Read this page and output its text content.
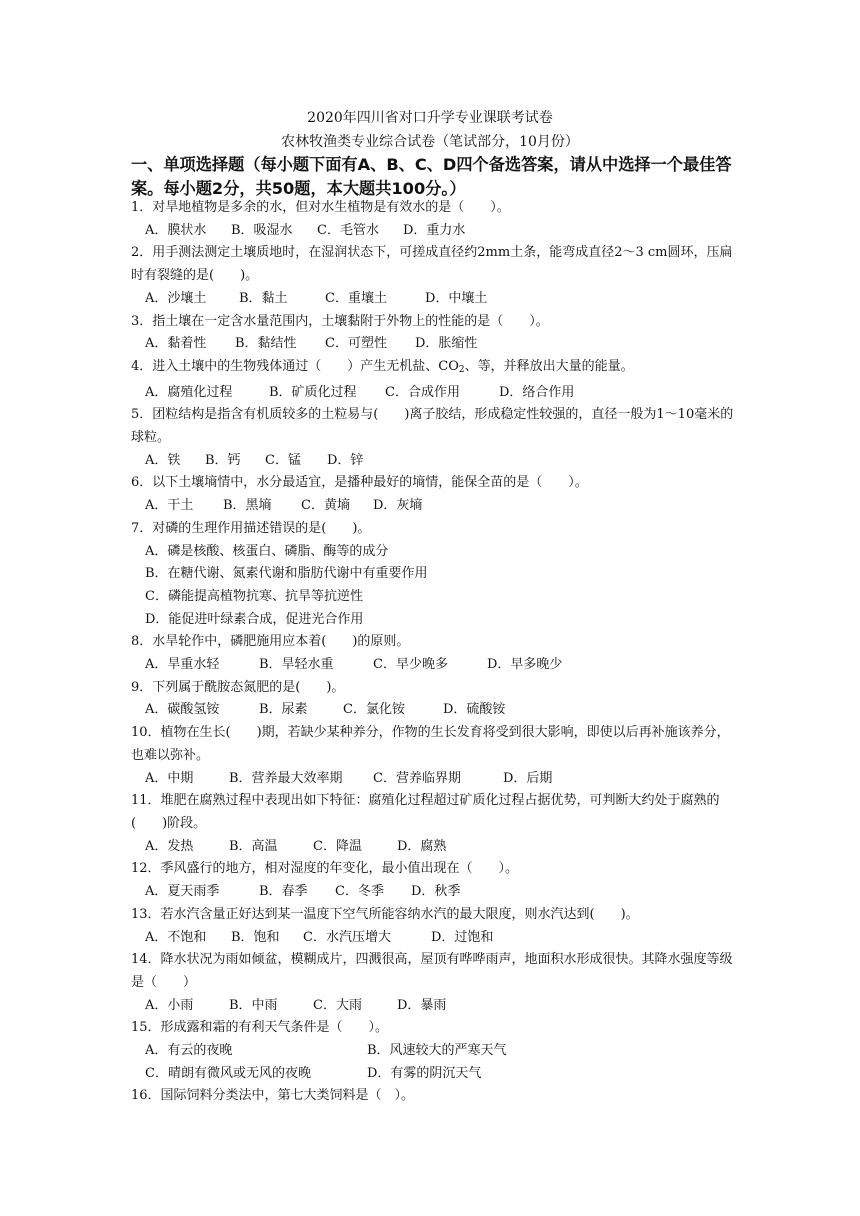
2020年四川省对口升学专业课联考试卷
农林牧渔类专业综合试卷（笔试部分，10月份）
一、单项选择题（每小题下面有A、B、C、D四个备选答案，请从中选择一个最佳答案。每小题2分，共50题，本大题共100分。）
1．对旱地植物是多余的水，但对水生植物是有效水的是（　　）。
A．膜状水 B．吸湿水 C．毛管水 D．重力水
2．用手测法测定土壤质地时，在湿润状态下，可搓成直径约2mm土条，能弯成直径2～3 cm圆环，压扁时有裂缝的是(　　)。
A．沙壤土	B．黏土	C．重壤土	D．中壤土
3．指土壤在一定含水量范围内，土壤黏附于外物上的性能的是（　　）。
A．黏着性 B．黏结性 C．可塑性 D．胀缩性
4．进入土壤中的生物残体通过（　　）产生无机盐、$CO_2$、等，并释放出大量的能量。
A．腐殖化过程	B．矿质化过程 C．合成作用	D．络合作用
5．团粒结构是指含有机质较多的土粒易与(　　)离子胶结，形成稳定性较强的，直径一般为1～10毫米的球粒。
A．铁 B．钙 C．锰 D．锌
6．以下土壤墒情中，水分最适宜，是播种最好的墒情，能保全苗的是（　　）。
A．干土 B．黑墒 C．黄墒 D．灰墒
7．对磷的生理作用描述错误的是(　　)。
A．磷是核酸、核蛋白、磷脂、酶等的成分
B．在糖代谢、氮素代谢和脂肪代谢中有重要作用
C．磷能提高植物抗寒、抗旱等抗逆性
D．能促进叶绿素合成，促进光合作用
8．水旱轮作中，磷肥施用应本着(　　)的原则。
A．旱重水轻	B．旱轻水重	C．早少晚多	D．早多晚少
9．下列属于酰胺态氮肥的是(　　)。
A．碳酸氢铵	B．尿素	C．氯化铵	D．硫酸铵
10．植物在生长(　　)期，若缺少某种养分，作物的生长发育将受到很大影响，即使以后再补施该养分，也难以弥补。
A．中期	B．营养最大效率期 C．营养临界期	D．后期
11．堆肥在腐熟过程中表现出如下特征：腐殖化过程超过矿质化过程占据优势，可判断大约处于腐熟的(　　)阶段。
A．发热	B．高温	C．降温	D．腐熟
12．季风盛行的地方，相对湿度的年变化，最小值出现在（　　）。
A．夏天雨季	B．春季 C．冬季 D．秋季
13．若水汽含量正好达到某一温度下空气所能容纳水汽的最大限度，则水汽达到(　　)。
A．不饱和 B．饱和 C．水汽压增大	D．过饱和
14．降水状况为雨如倾盆，模糊成片，四溅很高，屋顶有哗哗雨声，地面积水形成很快。其降水强度等级是（　　）
A．小雨	B．中雨	C．大雨	D．暴雨
15．形成露和霜的有利天气条件是（　　）。
A．有云的夜晚	B．风速较大的严寒天气
C．晴朗有微风或无风的夜晚	D．有雾的阴沉天气
16．国际饲料分类法中，第七大类饲料是（　）。
